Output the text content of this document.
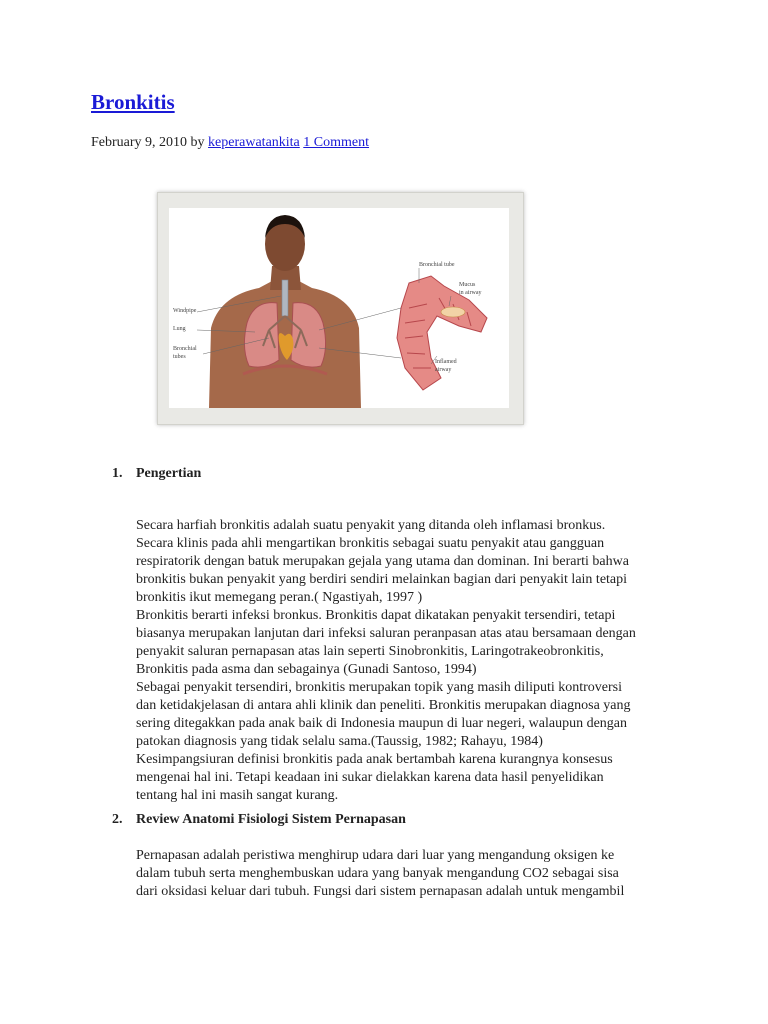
Bronkitis
February 9, 2010 by keperawatankita 1 Comment
Windpipe
Lung
Bronchial
tubes
Bronchial tube
Mucus
in airway
Inflamed
airway
1. Pengertian
Secara harfiah bronkitis adalah suatu penyakit yang ditanda oleh inflamasi bronkus.
Secara klinis pada ahli mengartikan bronkitis sebagai suatu penyakit atau gangguan
respiratorik dengan batuk merupakan gejala yang utama dan dominan. Ini berarti bahwa
bronkitis bukan penyakit yang berdiri sendiri melainkan bagian dari penyakit lain tetapi
bronkitis ikut memegang peran.( Ngastiyah, 1997 )
Bronkitis berarti infeksi bronkus. Bronkitis dapat dikatakan penyakit tersendiri, tetapi
biasanya merupakan lanjutan dari infeksi saluran peranpasan atas atau bersamaan dengan
penyakit saluran pernapasan atas lain seperti Sinobronkitis, Laringotrakeobronkitis,
Bronkitis pada asma dan sebagainya (Gunadi Santoso, 1994)
Sebagai penyakit tersendiri, bronkitis merupakan topik yang masih diliputi kontroversi
dan ketidakjelasan di antara ahli klinik dan peneliti. Bronkitis merupakan diagnosa yang
sering ditegakkan pada anak baik di Indonesia maupun di luar negeri, walaupun dengan
patokan diagnosis yang tidak selalu sama.(Taussig, 1982; Rahayu, 1984)
Kesimpangsiuran definisi bronkitis pada anak bertambah karena kurangnya konsesus
mengenai hal ini. Tetapi keadaan ini sukar dielakkan karena data hasil penyelidikan
tentang hal ini masih sangat kurang.
2. Review Anatomi Fisiologi Sistem Pernapasan
Pernapasan adalah peristiwa menghirup udara dari luar yang mengandung oksigen ke
dalam tubuh serta menghembuskan udara yang banyak mengandung CO2 sebagai sisa
dari oksidasi keluar dari tubuh. Fungsi dari sistem pernapasan adalah untuk mengambil
